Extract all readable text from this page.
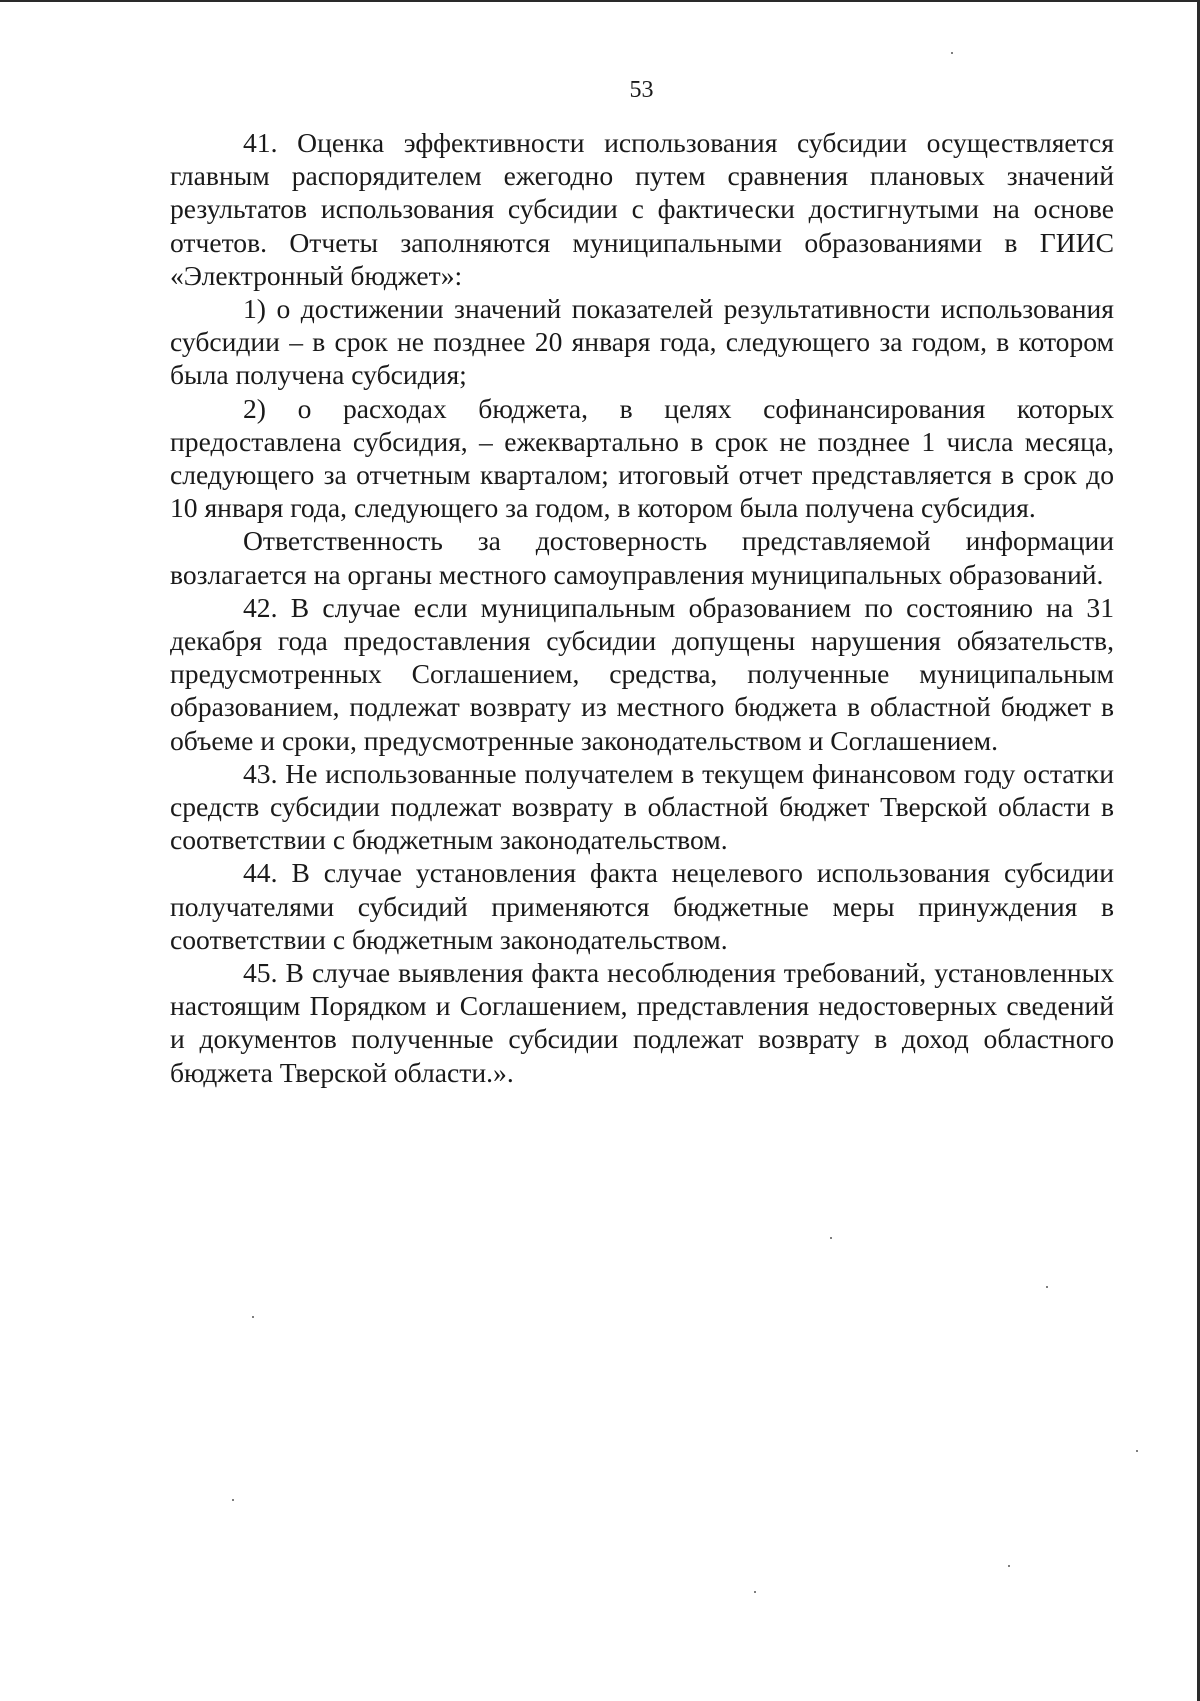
53

41. Оценка эффективности использования субсидии осуществляется главным распорядителем ежегодно путем сравнения плановых значений результатов использования субсидии с фактически достигнутыми на основе отчетов. Отчеты заполняются муниципальными образованиями в ГИИС «Электронный бюджет»:

1) о достижении значений показателей результативности использования субсидии – в срок не позднее 20 января года, следующего за годом, в котором была получена субсидия;

2) о расходах бюджета, в целях софинансирования которых предоставлена субсидия, – ежеквартально в срок не позднее 1 числа месяца, следующего за отчетным кварталом; итоговый отчет представляется в срок до 10 января года, следующего за годом, в котором была получена субсидия.

Ответственность за достоверность представляемой информации возлагается на органы местного самоуправления муниципальных образований.

42. В случае если муниципальным образованием по состоянию на 31 декабря года предоставления субсидии допущены нарушения обязательств, предусмотренных Соглашением, средства, полученные муниципальным образованием, подлежат возврату из местного бюджета в областной бюджет в объеме и сроки, предусмотренные законодательством и Соглашением.

43. Не использованные получателем в текущем финансовом году остатки средств субсидии подлежат возврату в областной бюджет Тверской области в соответствии с бюджетным законодательством.

44. В случае установления факта нецелевого использования субсидии получателями субсидий применяются бюджетные меры принуждения в соответствии с бюджетным законодательством.

45. В случае выявления факта несоблюдения требований, установленных настоящим Порядком и Соглашением, представления недостоверных сведений и документов полученные субсидии подлежат возврату в доход областного бюджета Тверской области.».
